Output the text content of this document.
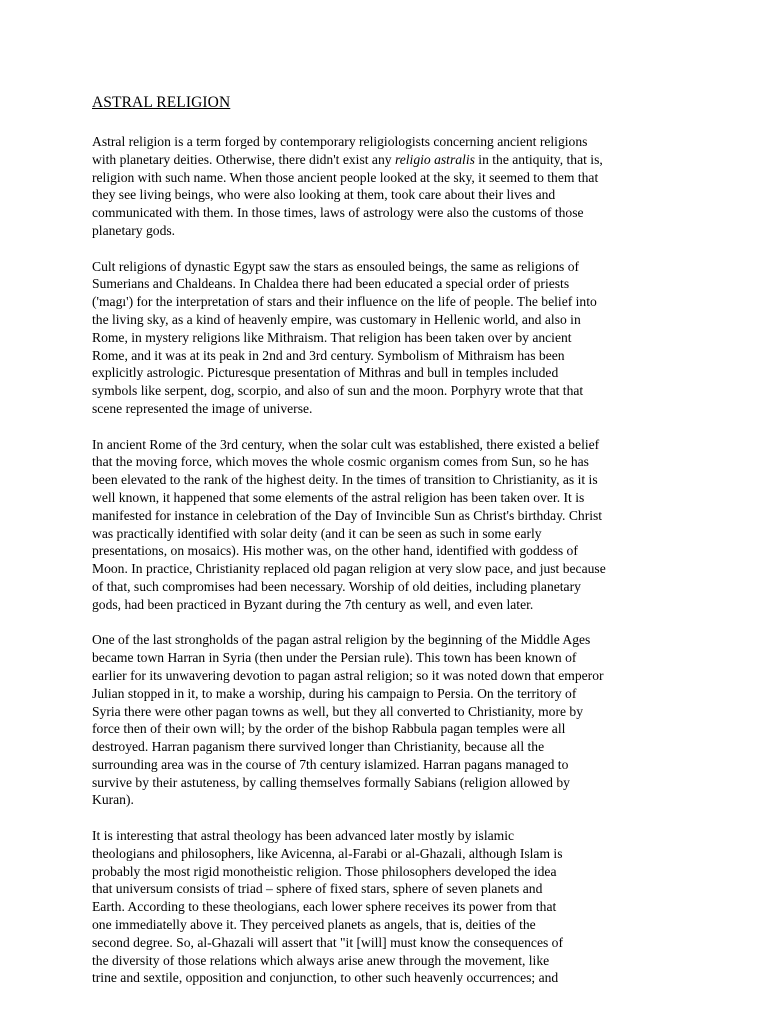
ASTRAL RELIGION
Astral religion is a term forged by contemporary religiologists concerning ancient religions
with planetary deities. Otherwise, there didn't exist any religio astralis in the antiquity, that is,
religion with such name. When those ancient people looked at the sky, it seemed to them that
they see living beings, who were also looking at them, took care about their lives and
communicated with them. In those times, laws of astrology were also the customs of those
planetary gods.
Cult religions of dynastic Egypt saw the stars as ensouled beings, the same as religions of
Sumerians and Chaldeans. In Chaldea there had been educated a special order of priests
('magı') for the interpretation of stars and their influence on the life of people. The belief into
the living sky, as a kind of heavenly empire, was customary in Hellenic world, and also in
Rome, in mystery religions like Mithraism. That religion has been taken over by ancient
Rome, and it was at its peak in 2nd and 3rd century. Symbolism of Mithraism has been
explicitly astrologic. Picturesque presentation of Mithras and bull in temples included
symbols like serpent, dog, scorpio, and also of sun and the moon. Porphyry wrote that that
scene represented the image of universe.
In ancient Rome of the 3rd century, when the solar cult was established, there existed a belief
that the moving force, which moves the whole cosmic organism comes from Sun, so he has
been elevated to the rank of the highest deity. In the times of transition to Christianity, as it is
well known, it happened that some elements of the astral religion has been taken over. It is
manifested for instance in celebration of the Day of Invincible Sun as Christ's birthday. Christ
was practically identified with solar deity (and it can be seen as such in some early
presentations, on mosaics). His mother was, on the other hand, identified with goddess of
Moon. In practice, Christianity replaced old pagan religion at very slow pace, and just because
of that, such compromises had been necessary. Worship of old deities, including planetary
gods, had been practiced in Byzant during the 7th century as well, and even later.
One of the last strongholds of the pagan astral religion by the beginning of the Middle Ages
became town Harran in Syria (then under the Persian rule). This town has been known of
earlier for its unwavering devotion to pagan astral religion; so it was noted down that emperor
Julian stopped in it, to make a worship, during his campaign to Persia. On the territory of
Syria there were other pagan towns as well, but they all converted to Christianity, more by
force then of their own will; by the order of the bishop Rabbula pagan temples were all
destroyed. Harran paganism there survived longer than Christianity, because all the
surrounding area was in the course of 7th century islamized. Harran pagans managed to
survive by their astuteness, by calling themselves formally Sabians (religion allowed by
Kuran).
It is interesting that astral theology has been advanced later mostly by islamic
theologians and philosophers, like Avicenna, al-Farabi or al-Ghazali, although Islam is
probably the most rigid monotheistic religion. Those philosophers developed the idea
that universum consists of triad – sphere of fixed stars, sphere of seven planets and
Earth. According to these theologians, each lower sphere receives its power from that
one immediatelly above it. They perceived planets as angels, that is, deities of the
second degree. So, al-Ghazali will assert that "it [will] must know the consequences of
the diversity of those relations which always arise anew through the movement, like
trine and sextile, opposition and conjunction, to other such heavenly occurrences; and
